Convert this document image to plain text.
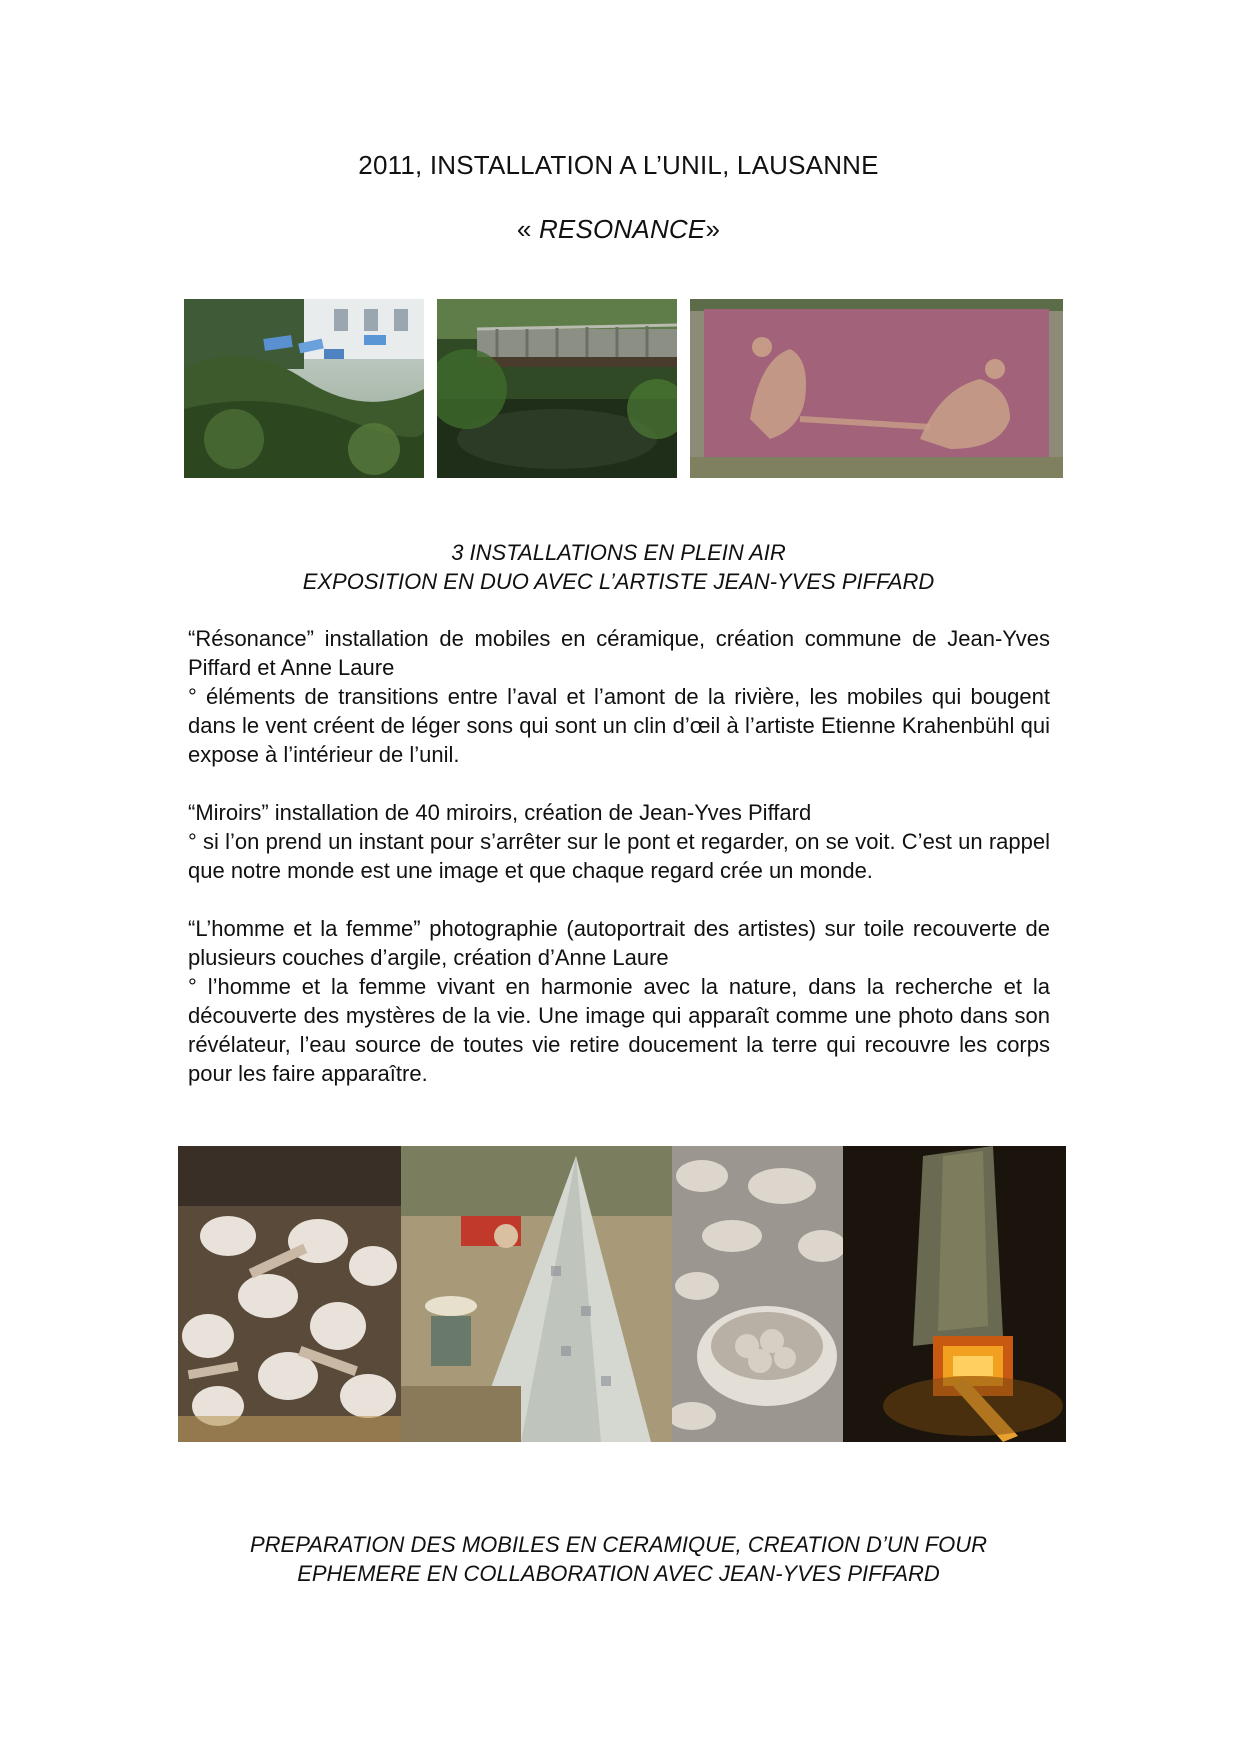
2011, INSTALLATION A L’UNIL, LAUSANNE
« RESONANCE»
3 INSTALLATIONS EN PLEIN AIR
EXPOSITION EN DUO AVEC L’ARTISTE JEAN-YVES PIFFARD

“Résonance” installation de mobiles en céramique, création commune de Jean-Yves Piffard et Anne Laure

° éléments de transitions entre l’aval et l’amont de la rivière, les mobiles qui bougent dans le vent créent de léger sons qui sont un clin d’œil à l’artiste Etienne Krahenbühl qui expose à l’intérieur de l’unil.

“Miroirs” installation de 40 miroirs, création de Jean-Yves Piffard

° si l’on prend un instant pour s’arrêter sur le pont et regarder, on se voit. C’est un rappel que notre monde est une image et que chaque regard crée un monde.

“L’homme et la femme” photographie (autoportrait des artistes) sur toile recouverte de plusieurs couches d’argile, création d’Anne Laure

° l’homme et la femme vivant en harmonie avec la nature, dans la recherche et la découverte des mystères de la vie. Une image qui apparaît comme une photo dans son révélateur, l’eau source de toutes vie retire doucement la terre qui recouvre les corps pour les faire apparaître.

PREPARATION DES MOBILES EN CERAMIQUE, CREATION D’UN FOUR
EPHEMERE EN COLLABORATION AVEC JEAN-YVES PIFFARD
